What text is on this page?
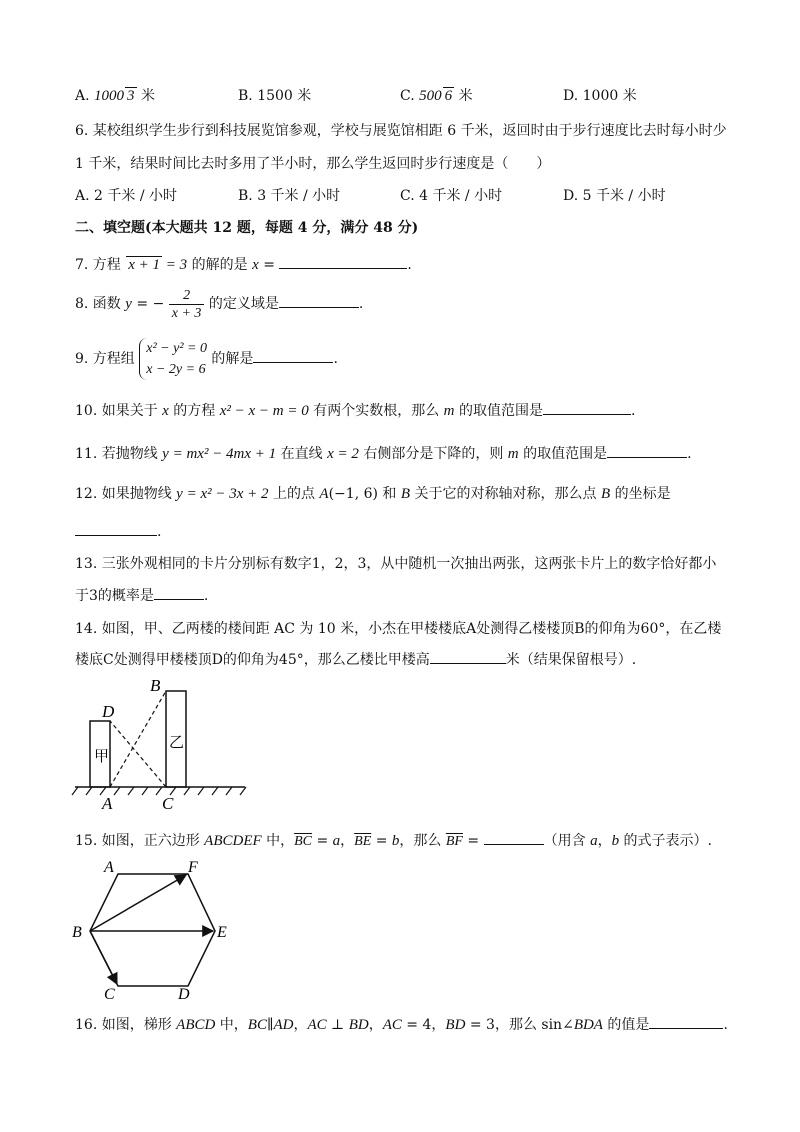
A. 1000 3 米	B. 1500 米	C. 500 6 米	D. 1000 米
6. 某校组织学生步行到科技展览馆参观，学校与展览馆相距 6 千米，返回时由于步行速度比去时每小时少
1 千米，结果时间比去时多用了半小时，那么学生返回时步行速度是（　　）
A. 2 千米 / 小时	B. 3 千米 / 小时	C. 4 千米 / 小时	D. 5 千米 / 小时
二、填空题(本大题共 12 题，每题 4 分，满分 48 分)
7. 方程 x + 1 = 3 的解的是 x =	.
8. 函数 y = − $\frac{2}{x + 3}$ 的定义域是	.
9. 方程组
x² − y² = 0
x − 2y = 6
的解是	.
10. 如果关于 x 的方程 x² − x − m = 0 有两个实数根，那么 m 的取值范围是	.
11. 若抛物线 y = mx² − 4mx + 1 在直线 x = 2 右侧部分是下降的，则 m 的取值范围是	.
12. 如果抛物线 y = x² − 3x + 2 上的点 A(−1, 6) 和 B 关于它的对称轴对称，那么点 B 的坐标是
.
13. 三张外观相同的卡片分别标有数字1，2，3，从中随机一次抽出两张，这两张卡片上的数字恰好都小
于3的概率是	.
14. 如图，甲、乙两楼的楼间距 AC 为 10 米，小杰在甲楼楼底A处测得乙楼楼顶B的仰角为60°，在乙楼
楼底C处测得甲楼楼顶D的仰角为45°，那么乙楼比甲楼高	米（结果保留根号）.
甲
乙
B
D
A	C
15. 如图，正六边形 ABCDEF 中，$\overline{BC} = a$，$\overline{BE} = b$，那么 $\overline{BF}$ =	（用含 a，b 的式子表示）.
A	F
B	E
C	D
16. 如图，梯形 ABCD 中，BC∥AD，AC ⊥ BD，AC = 4，BD = 3，那么 sin∠BDA 的值是	.
